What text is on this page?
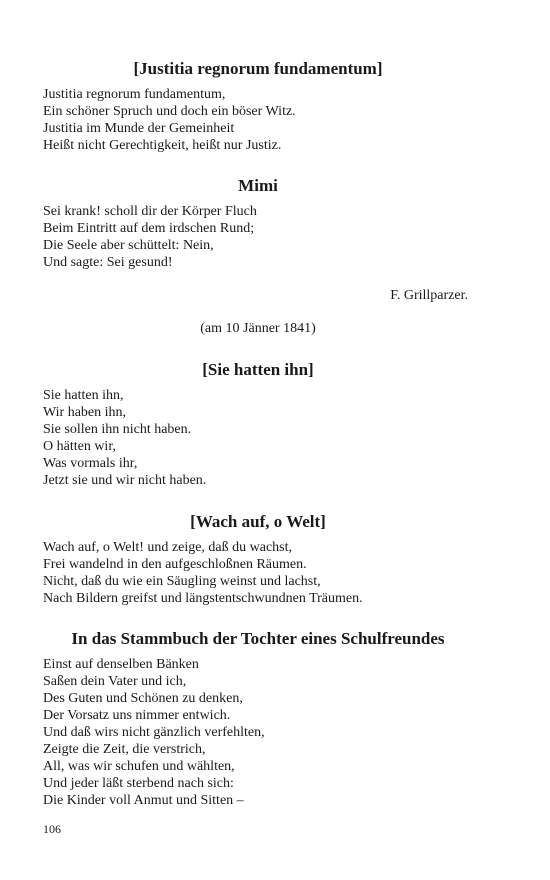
[Justitia regnorum fundamentum]
Justitia regnorum fundamentum,
Ein schöner Spruch und doch ein böser Witz.
Justitia im Munde der Gemeinheit
Heißt nicht Gerechtigkeit, heißt nur Justiz.
Mimi
Sei krank! scholl dir der Körper Fluch
Beim Eintritt auf dem irdschen Rund;
Die Seele aber schüttelt: Nein,
Und sagte: Sei gesund!
F. Grillparzer.
(am 10 Jänner 1841)
[Sie hatten ihn]
Sie hatten ihn,
Wir haben ihn,
Sie sollen ihn nicht haben.
O hätten wir,
Was vormals ihr,
Jetzt sie und wir nicht haben.
[Wach auf, o Welt]
Wach auf, o Welt! und zeige, daß du wachst,
Frei wandelnd in den aufgeschloßnen Räumen.
Nicht, daß du wie ein Säugling weinst und lachst,
Nach Bildern greifst und längstentschwundnen Träumen.
In das Stammbuch der Tochter eines Schulfreundes
Einst auf denselben Bänken
Saßen dein Vater und ich,
Des Guten und Schönen zu denken,
Der Vorsatz uns nimmer entwich.
Und daß wirs nicht gänzlich verfehlten,
Zeigte die Zeit, die verstrich,
All, was wir schufen und wählten,
Und jeder läßt sterbend nach sich:
Die Kinder voll Anmut und Sitten –
106
